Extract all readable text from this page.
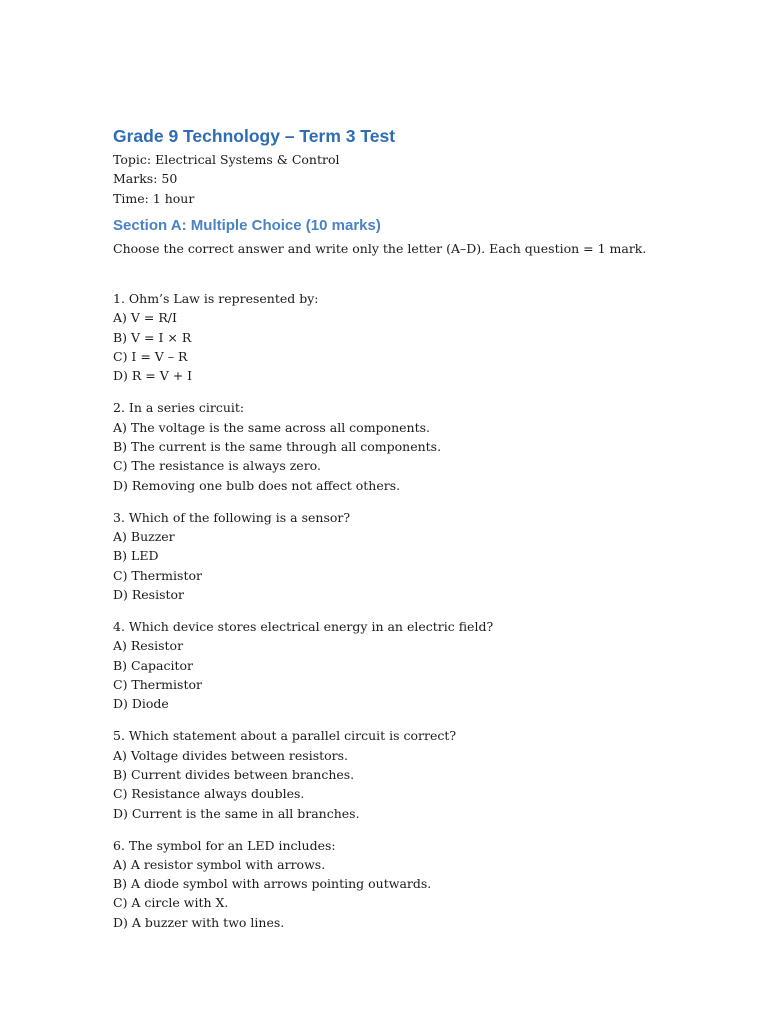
Grade 9 Technology – Term 3 Test

Topic: Electrical Systems & Control

Marks: 50

Time: 1 hour

Section A: Multiple Choice (10 marks)

Choose the correct answer and write only the letter (A–D). Each question = 1 mark.

1. Ohm’s Law is represented by:

A) V = R/I

B) V = I × R

C) I = V – R

D) R = V + I

2. In a series circuit:

A) The voltage is the same across all components.

B) The current is the same through all components.

C) The resistance is always zero.

D) Removing one bulb does not affect others.

3. Which of the following is a sensor?

A) Buzzer

B) LED

C) Thermistor

D) Resistor

4. Which device stores electrical energy in an electric field?

A) Resistor

B) Capacitor

C) Thermistor

D) Diode

5. Which statement about a parallel circuit is correct?

A) Voltage divides between resistors.

B) Current divides between branches.

C) Resistance always doubles.

D) Current is the same in all branches.

6. The symbol for an LED includes:

A) A resistor symbol with arrows.

B) A diode symbol with arrows pointing outwards.

C) A circle with X.

D) A buzzer with two lines.
